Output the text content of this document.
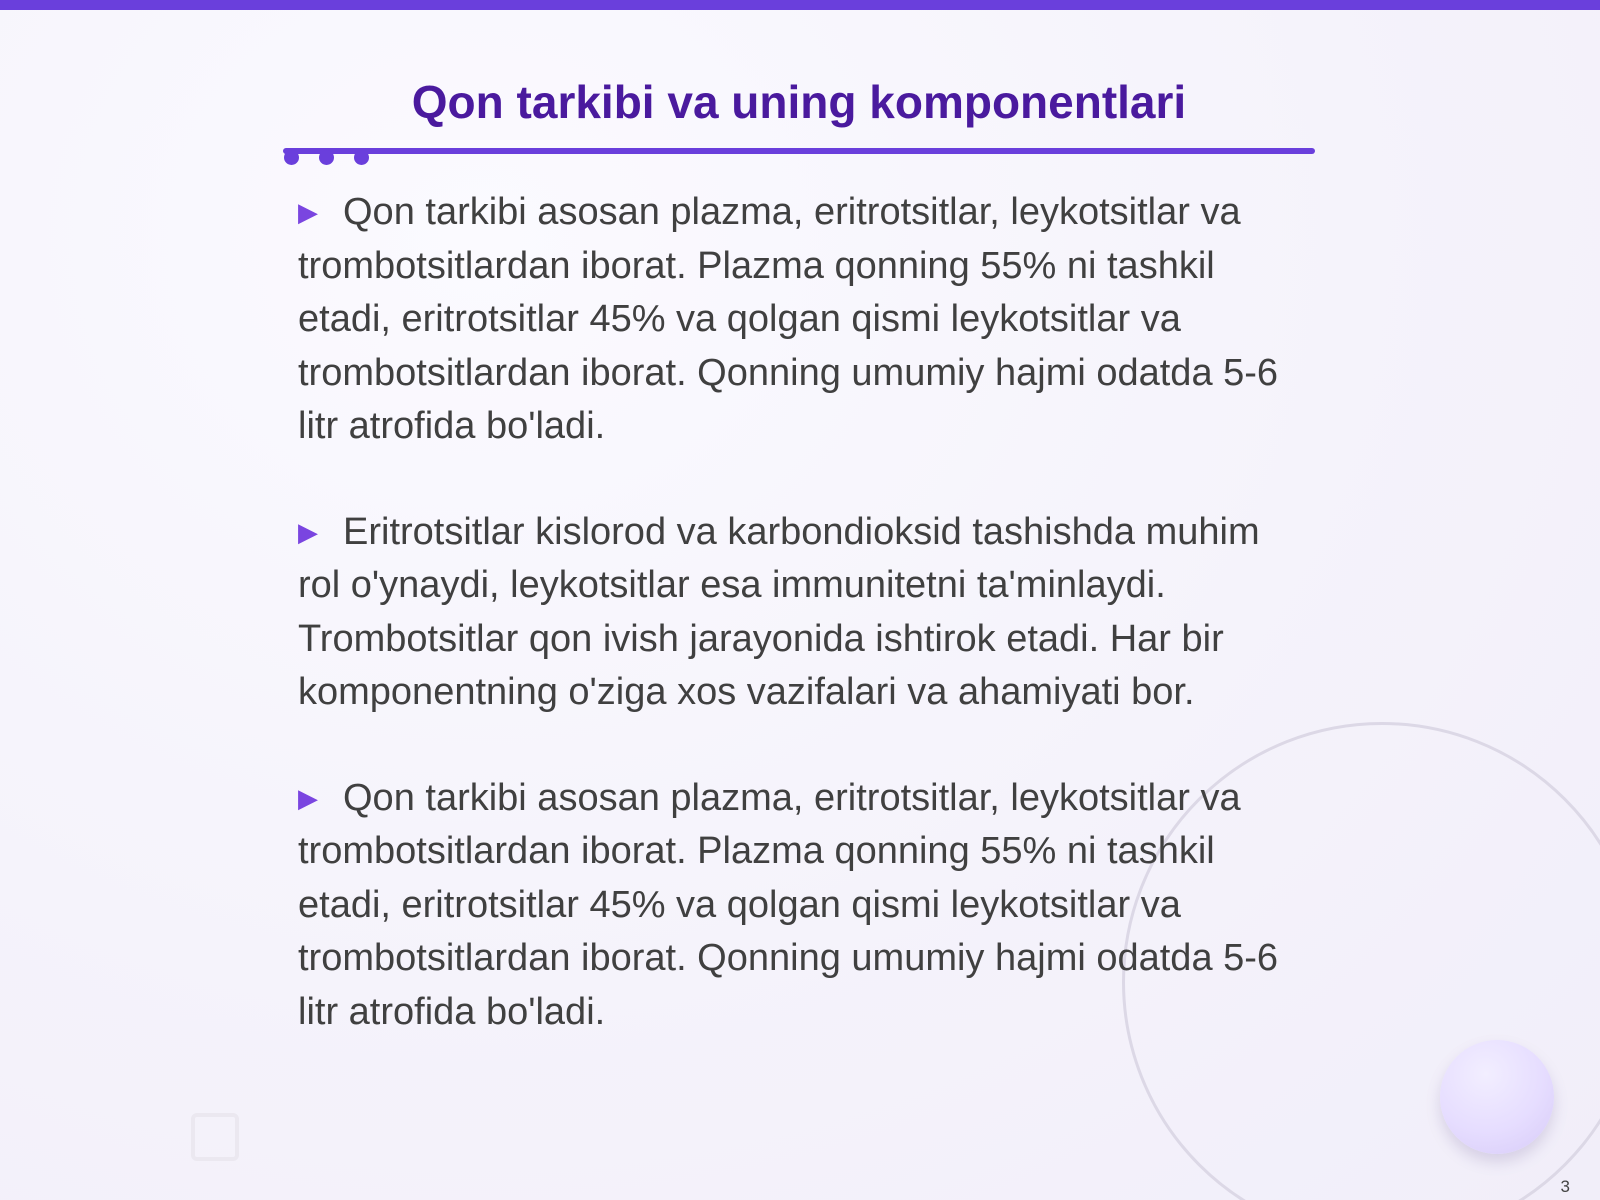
Qon tarkibi va uning komponentlari

▶ Qon tarkibi asosan plazma, eritrotsitlar, leykotsitlar va trombotsitlardan iborat. Plazma qonning 55% ni tashkil etadi, eritrotsitlar 45% va qolgan qismi leykotsitlar va trombotsitlardan iborat. Qonning umumiy hajmi odatda 5-6 litr atrofida bo'ladi.

▶ Eritrotsitlar kislorod va karbondioksid tashishda muhim rol o'ynaydi, leykotsitlar esa immunitetni ta'minlaydi. Trombotsitlar qon ivish jarayonida ishtirok etadi. Har bir komponentning o'ziga xos vazifalari va ahamiyati bor.

▶ Qon tarkibi asosan plazma, eritrotsitlar, leykotsitlar va trombotsitlardan iborat. Plazma qonning 55% ni tashkil etadi, eritrotsitlar 45% va qolgan qismi leykotsitlar va trombotsitlardan iborat. Qonning umumiy hajmi odatda 5-6 litr atrofida bo'ladi.

3
